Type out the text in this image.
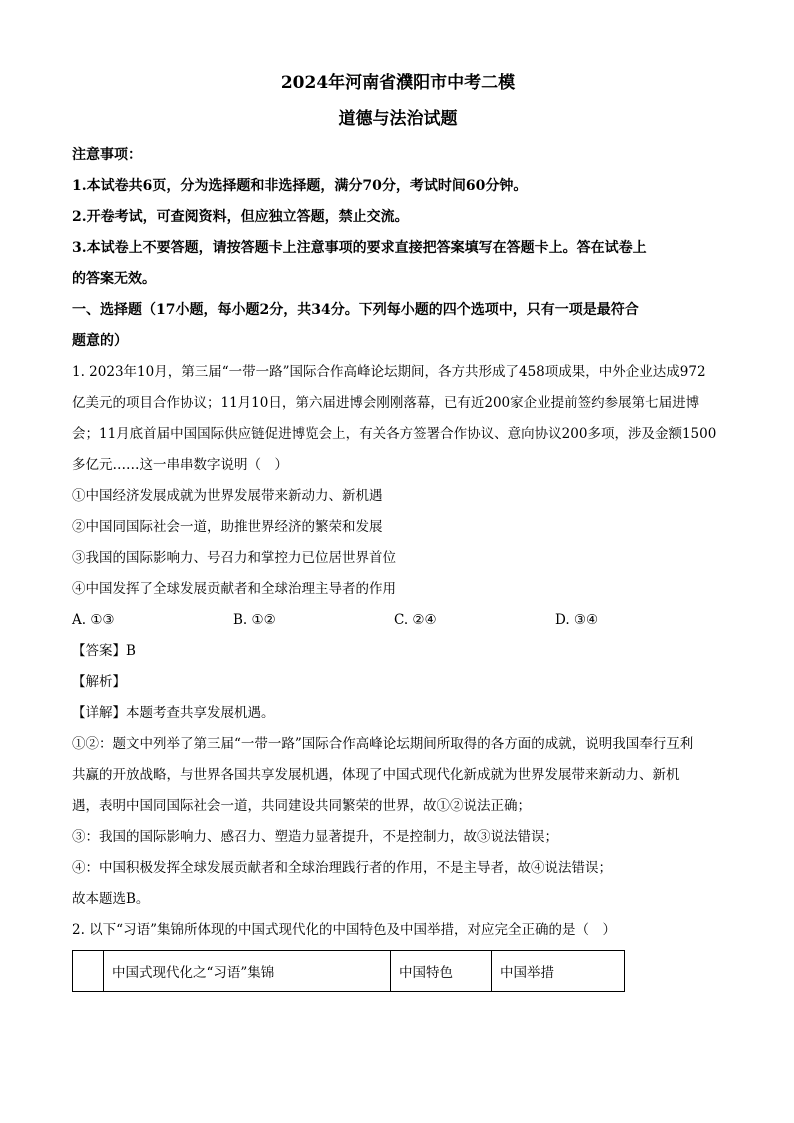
2024年河南省濮阳市中考二模
道德与法治试题
注意事项：
1.本试卷共6页，分为选择题和非选择题，满分70分，考试时间60分钟。
2.开卷考试，可查阅资料，但应独立答题，禁止交流。
3.本试卷上不要答题，请按答题卡上注意事项的要求直接把答案填写在答题卡上。答在试卷上
的答案无效。
一、选择题（17小题，每小题2分，共34分。下列每小题的四个选项中，只有一项是最符合
题意的）
1. 2023年10月，第三届“一带一路”国际合作高峰论坛期间，各方共形成了458项成果，中外企业达成972
亿美元的项目合作协议；11月10日，第六届进博会刚刚落幕，已有近200家企业提前签约参展第七届进博
会；11月底首届中国国际供应链促进博览会上，有关各方签署合作协议、意向协议200多项，涉及金额1500
多亿元……这一串串数字说明（　）
①中国经济发展成就为世界发展带来新动力、新机遇
②中国同国际社会一道，助推世界经济的繁荣和发展
③我国的国际影响力、号召力和掌控力已位居世界首位
④中国发挥了全球发展贡献者和全球治理主导者的作用
A. ①③	B. ①②	C. ②④	D. ③④
【答案】B
【解析】
【详解】本题考查共享发展机遇。
①②：题文中列举了第三届“一带一路”国际合作高峰论坛期间所取得的各方面的成就，说明我国奉行互利
共赢的开放战略，与世界各国共享发展机遇，体现了中国式现代化新成就为世界发展带来新动力、新机
遇，表明中国同国际社会一道，共同建设共同繁荣的世界，故①②说法正确；
③：我国的国际影响力、感召力、塑造力显著提升，不是控制力，故③说法错误；
④：中国积极发挥全球发展贡献者和全球治理践行者的作用，不是主导者，故④说法错误；
故本题选B。
2. 以下“习语”集锦所体现的中国式现代化的中国特色及中国举措，对应完全正确的是（　）
	中国式现代化之“习语”集锦	中国特色	中国举措
